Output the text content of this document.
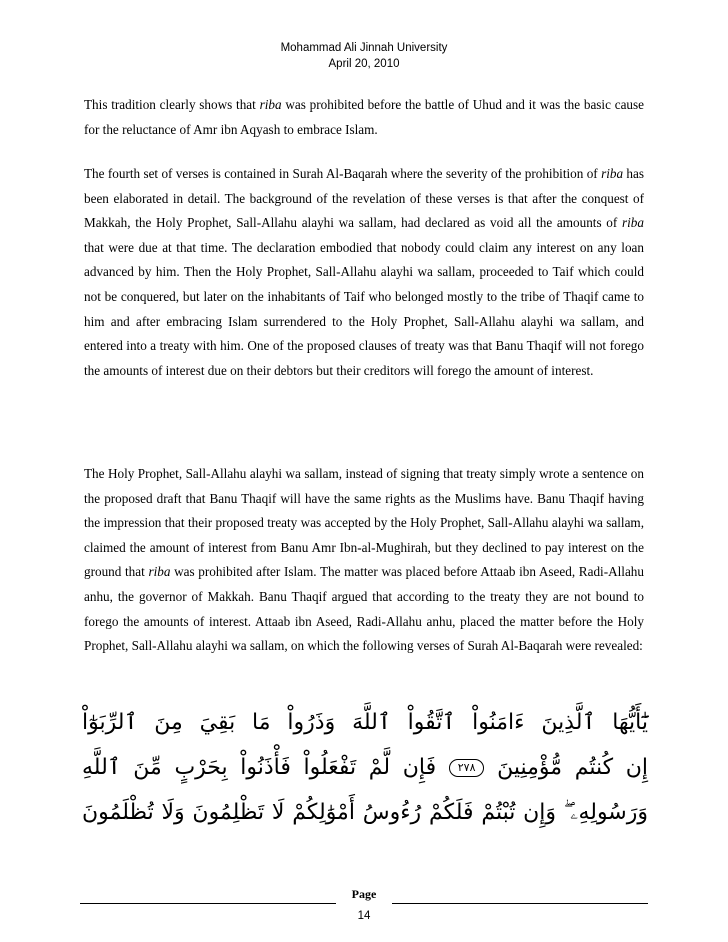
Mohammad Ali Jinnah University
April 20, 2010

This tradition clearly shows that riba was prohibited before the battle of Uhud and it was the basic cause for the reluctance of Amr ibn Aqyash to embrace Islam.

The fourth set of verses is contained in Surah Al-Baqarah where the severity of the prohibition of riba has been elaborated in detail. The background of the revelation of these verses is that after the conquest of Makkah, the Holy Prophet, Sall-Allahu alayhi wa sallam, had declared as void all the amounts of riba that were due at that time. The declaration embodied that nobody could claim any interest on any loan advanced by him. Then the Holy Prophet, Sall-Allahu alayhi wa sallam, proceeded to Taif which could not be conquered, but later on the inhabitants of Taif who belonged mostly to the tribe of Thaqif came to him and after embracing Islam surrendered to the Holy Prophet, Sall-Allahu alayhi wa sallam, and entered into a treaty with him. One of the proposed clauses of treaty was that Banu Thaqif will not forego the amounts of interest due on their debtors but their creditors will forego the amount of interest.

The Holy Prophet, Sall-Allahu alayhi wa sallam, instead of signing that treaty simply wrote a sentence on the proposed draft that Banu Thaqif will have the same rights as the Muslims have. Banu Thaqif having the impression that their proposed treaty was accepted by the Holy Prophet, Sall-Allahu alayhi wa sallam, claimed the amount of interest from Banu Amr Ibn-al-Mughirah, but they declined to pay interest on the ground that riba was prohibited after Islam. The matter was placed before Attaab ibn Aseed, Radi-Allahu anhu, the governor of Makkah. Banu Thaqif argued that according to the treaty they are not bound to forego the amounts of interest. Attaab ibn Aseed, Radi-Allahu anhu, placed the matter before the Holy Prophet, Sall-Allahu alayhi wa sallam, on which the following verses of Surah Al-Baqarah were revealed:

يَٰٓأَيُّهَا ٱلَّذِينَ ءَامَنُواْ ٱتَّقُواْ ٱللَّهَ وَذَرُواْ مَا بَقِيَ مِنَ ٱلرِّبَوٰٓاْ
إِن كُنتُم مُّؤْمِنِينَ ٢٧٨ فَإِن لَّمْ تَفْعَلُواْ فَأْذَنُواْ بِحَرْبٍ مِّنَ ٱللَّهِ
وَرَسُولِهِۦ ۖ وَإِن تُبْتُمْ فَلَكُمْ رُءُوسُ أَمْوَٰلِكُمْ لَا تَظْلِمُونَ وَلَا تُظْلَمُونَ
Page
14
